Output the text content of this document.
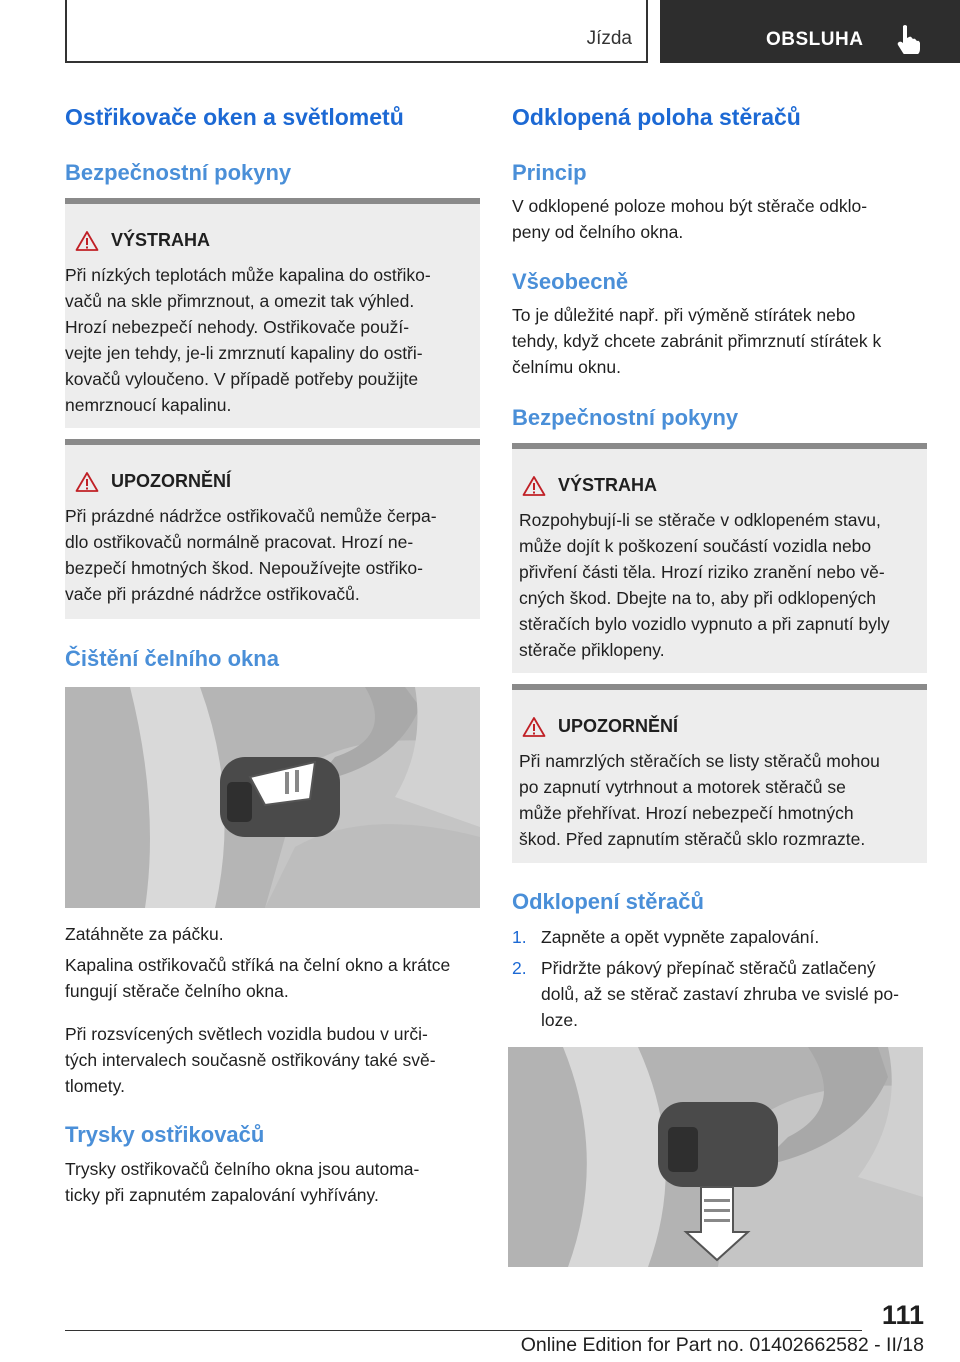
Jízda	OBSLUHA
Ostřikovače oken a světlometů
Bezpečnostní pokyny
VÝSTRAHA

Při nízkých teplotách může kapalina do ostřiko-
vačů na skle přimrznout, a omezit tak výhled.
Hrozí nebezpečí nehody. Ostřikovače použí-
vejte jen tehdy, je-li zmrznutí kapaliny do ostři-
kovačů vyloučeno. V případě potřeby použijte
nemrznoucí kapalinu.

UPOZORNĚNÍ

Při prázdné nádržce ostřikovačů nemůže čerpa-
dlo ostřikovačů normálně pracovat. Hrozí ne-
bezpečí hmotných škod. Nepoužívejte ostřiko-
vače při prázdné nádržce ostřikovačů.

Čištění čelního okna

Zatáhněte za páčku.

Kapalina ostřikovačů stříká na čelní okno a krátce
fungují stěrače čelního okna.

Při rozsvícených světlech vozidla budou v urči-
tých intervalech současně ostřikovány také svě-
tlomety.

Trysky ostřikovačů

Trysky ostřikovačů čelního okna jsou automa-
ticky při zapnutém zapalování vyhřívány.

Odklopená poloha stěračů
Princip

V odklopené poloze mohou být stěrače odklo-
peny od čelního okna.

Všeobecně

To je důležité např. při výměně stírátek nebo
tehdy, když chcete zabránit přimrznutí stírátek k
čelnímu oknu.

Bezpečnostní pokyny
VÝSTRAHA

Rozpohybují-li se stěrače v odklopeném stavu,
může dojít k poškození součástí vozidla nebo
přivření části těla. Hrozí riziko zranění nebo vě-
cných škod. Dbejte na to, aby při odklopených
stěračích bylo vozidlo vypnuto a při zapnutí byly
stěrače přiklopeny.

UPOZORNĚNÍ

Při namrzlých stěračích se listy stěračů mohou
po zapnutí vytrhnout a motorek stěračů se
může přehřívat. Hrozí nebezpečí hmotných
škod. Před zapnutím stěračů sklo rozmrazte.

Odklopení stěračů
1. Zapněte a opět vypněte zapalování.
2. Přidržte pákový přepínač stěračů zatlačený
dolů, až se stěrač zastaví zhruba ve svislé po-
loze.
111
Online Edition for Part no. 01402662582 - II/18
